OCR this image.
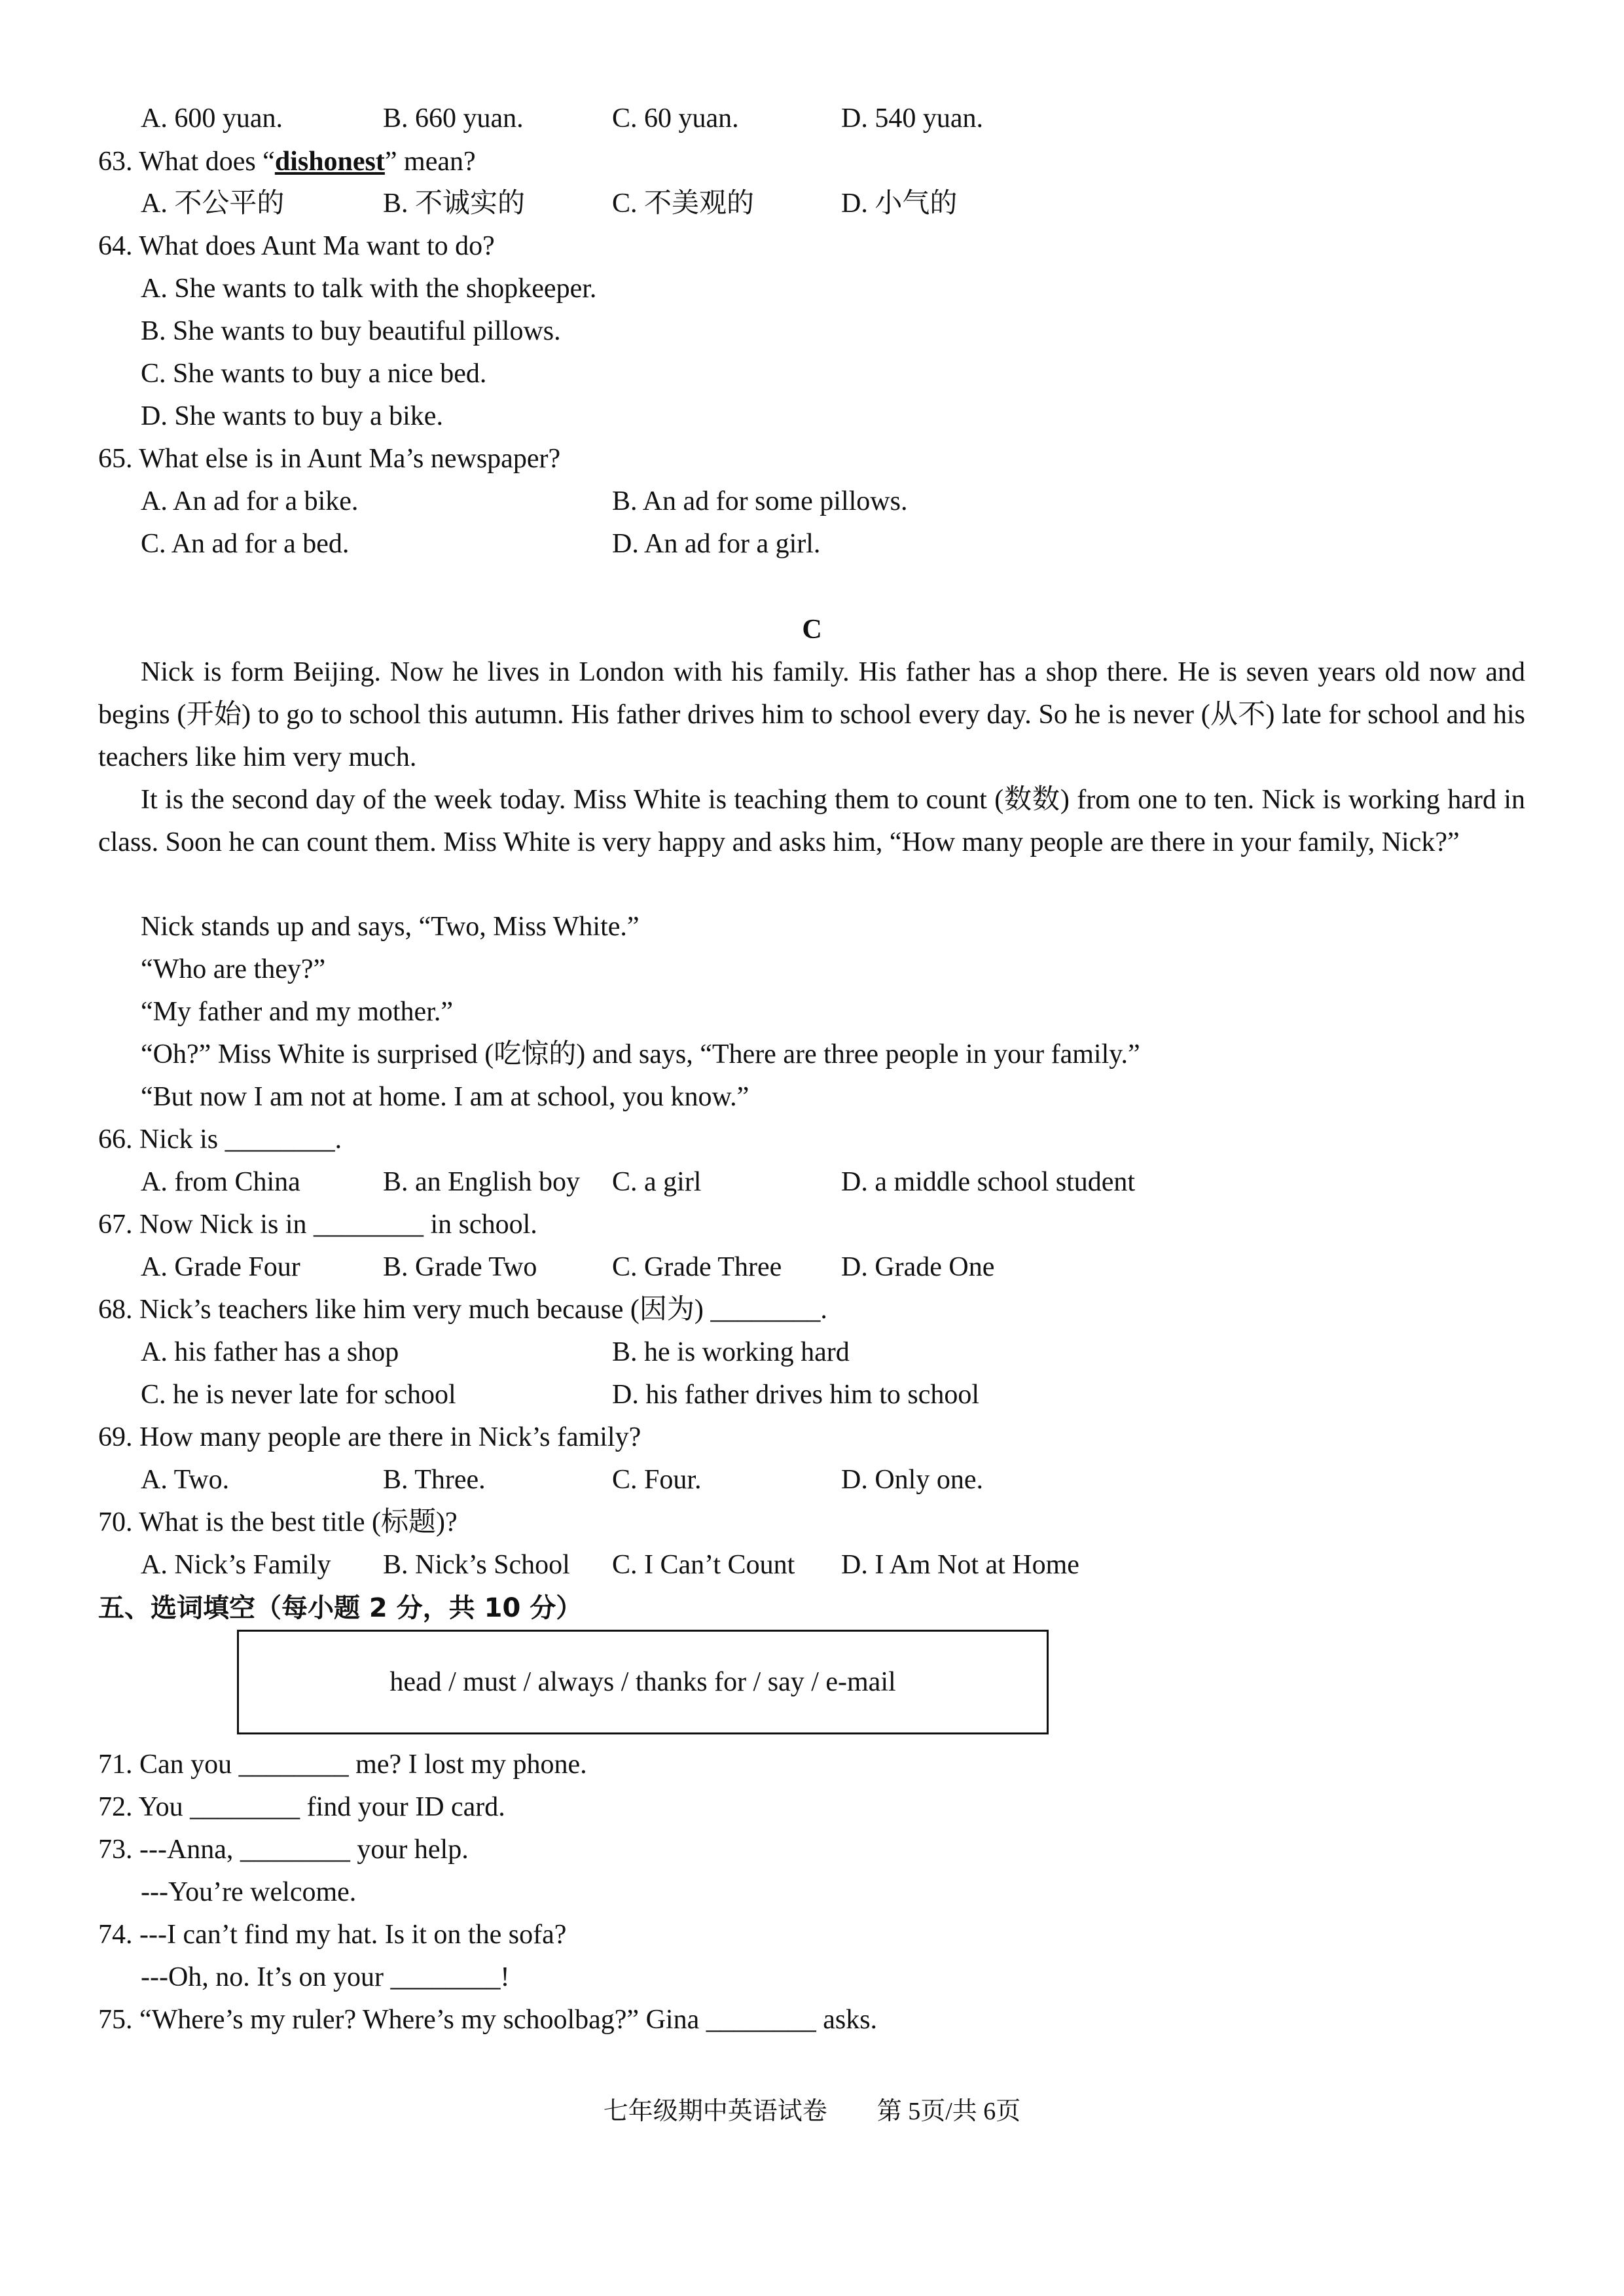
A. 600 yuan.	B. 660 yuan.	C. 60 yuan.	D. 540 yuan.
63. What does “dishonest” mean?
A. 不公平的	B. 不诚实的	C. 不美观的	D. 小气的
64. What does Aunt Ma want to do?
A. She wants to talk with the shopkeeper.
B. She wants to buy beautiful pillows.
C. She wants to buy a nice bed.
D. She wants to buy a bike.
65. What else is in Aunt Ma’s newspaper?
A. An ad for a bike.	B. An ad for some pillows.
C. An ad for a bed.	D. An ad for a girl.
C
Nick is form Beijing. Now he lives in London with his family. His father has a shop there. He is seven years old now and begins (开始) to go to school this autumn. His father drives him to school every day. So he is never (从不) late for school and his teachers like him very much.
It is the second day of the week today. Miss White is teaching them to count (数数) from one to ten. Nick is working hard in class. Soon he can count them. Miss White is very happy and asks him, “How many people are there in your family, Nick?”
Nick stands up and says, “Two, Miss White.”
“Who are they?”
“My father and my mother.”
“Oh?” Miss White is surprised (吃惊的) and says, “There are three people in your family.”
“But now I am not at home. I am at school, you know.”
66. Nick is ________.
A. from China	B. an English boy C. a girl	D. a middle school student
67. Now Nick is in ________ in school.
A. Grade Four	B. Grade Two	C. Grade Three D. Grade One
68. Nick’s teachers like him very much because (因为) ________.
A. his father has a shop	B. he is working hard
C. he is never late for school	D. his father drives him to school
69. How many people are there in Nick’s family?
A. Two.	B. Three.	C. Four.	D. Only one.
70. What is the best title (标题)?
A. Nick’s Family B. Nick’s School C. I Can’t Count D. I Am Not at Home
五、选词填空（每小题 2 分，共 10 分）
head / must / always / thanks for / say / e-mail
71. Can you ________ me? I lost my phone.
72. You ________ find your ID card.
73. ---Anna, ________ your help.
---You’re welcome.
74. ---I can’t find my hat. Is it on the sofa?
---Oh, no. It’s on your ________!
75. “Where’s my ruler? Where’s my schoolbag?” Gina ________ asks.
七年级期中英语试卷        第 5页/共 6页
